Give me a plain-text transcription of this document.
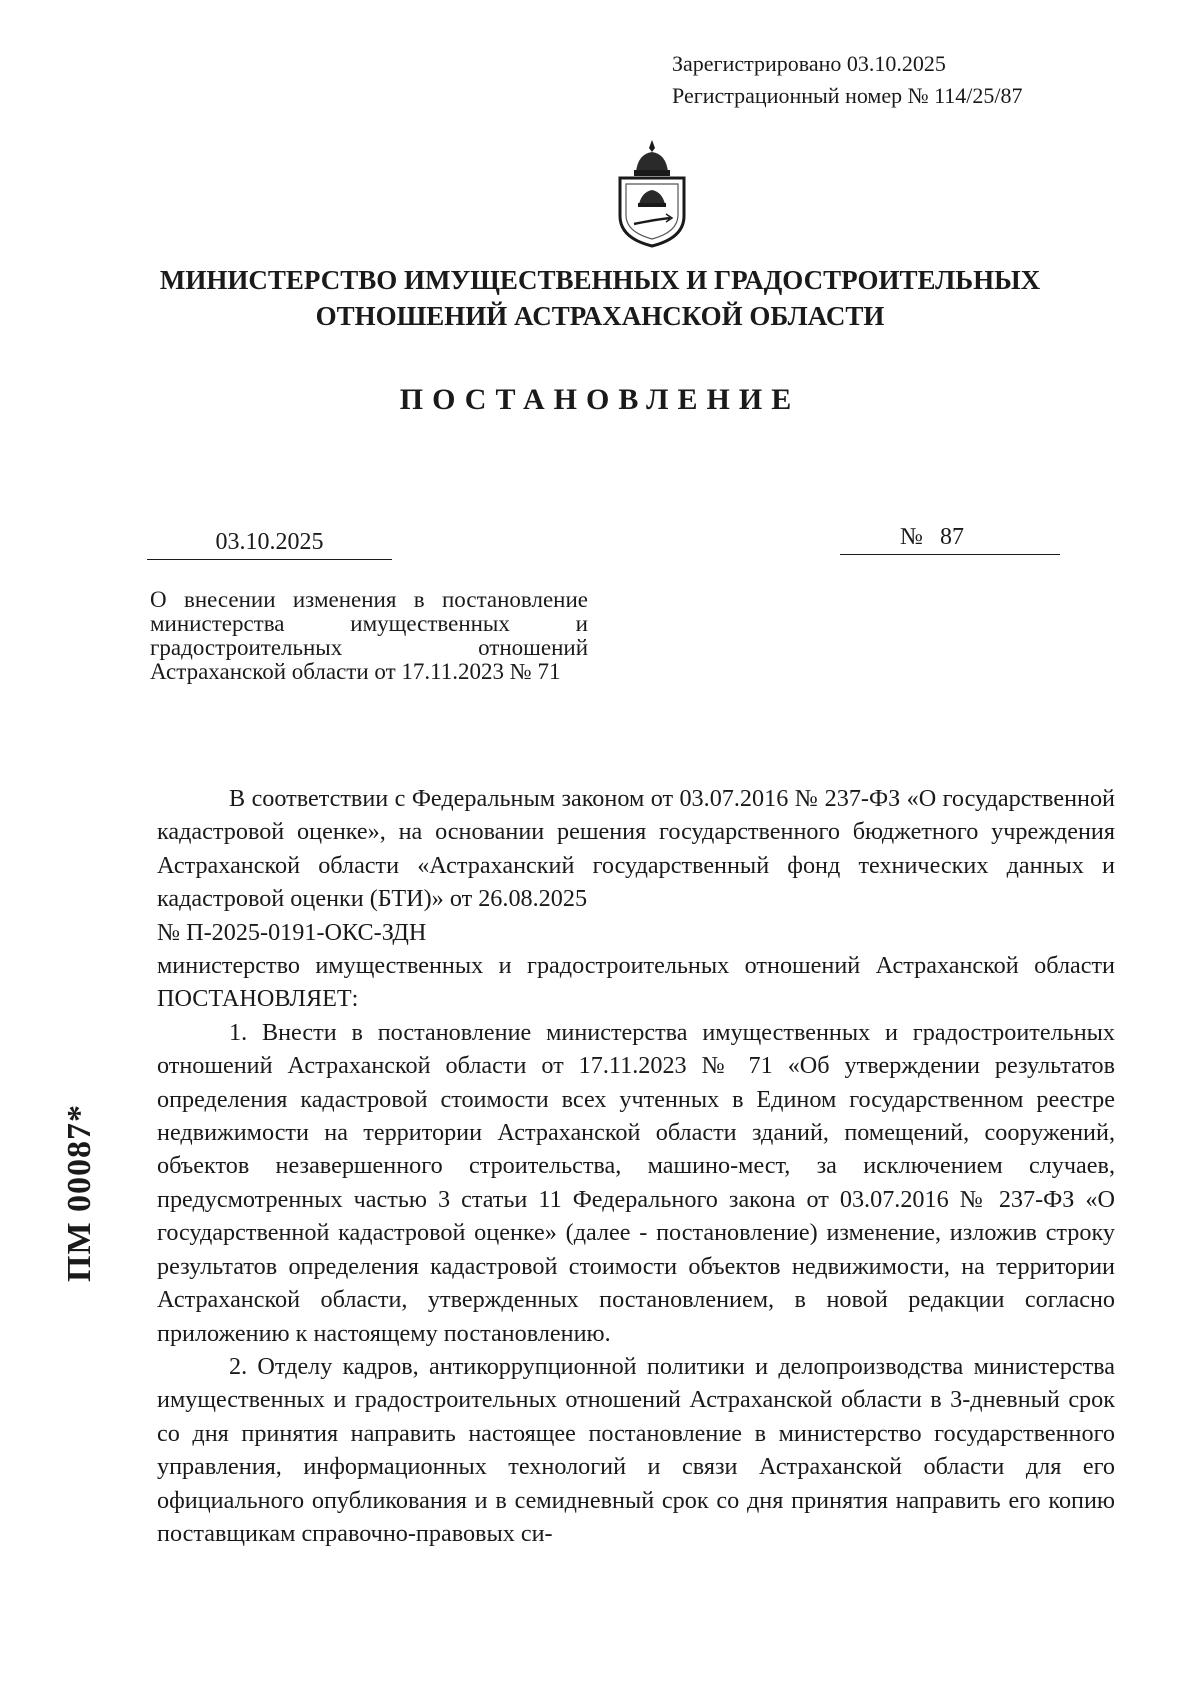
Зарегистрировано 03.10.2025
Регистрационный номер № 114/25/87
МИНИСТЕРСТВО ИМУЩЕСТВЕННЫХ И ГРАДОСТРОИТЕЛЬНЫХ
ОТНОШЕНИЙ АСТРАХАНСКОЙ ОБЛАСТИ
ПОСТАНОВЛЕНИЕ
03.10.2025	№ 87
О внесении изменения в постановление министерства имущественных и градостроительных отношений Астраханской области от 17.11.2023 № 71
В соответствии с Федеральным законом от 03.07.2016 № 237-ФЗ «О государственной кадастровой оценке», на основании решения государственного бюджетного учреждения Астраханской области «Астраханский государственный фонд технических данных и кадастровой оценки (БТИ)» от 26.08.2025
№ П-2025-0191-ОКС-ЗДН
министерство имущественных и градостроительных отношений Астраханской области ПОСТАНОВЛЯЕТ:
1. Внести в постановление министерства имущественных и градостроительных отношений Астраханской области от 17.11.2023 № 71 «Об утверждении результатов определения кадастровой стоимости всех учтенных в Едином государственном реестре недвижимости на территории Астраханской области зданий, помещений, сооружений, объектов незавершенного строительства, машино-мест, за исключением случаев, предусмотренных частью 3 статьи 11 Федерального закона от 03.07.2016 № 237-ФЗ «О государственной кадастровой оценке» (далее - постановление) изменение, изложив строку результатов определения кадастровой стоимости объектов недвижимости, на территории Астраханской области, утвержденных постановлением, в новой редакции согласно приложению к настоящему постановлению.
2. Отделу кадров, антикоррупционной политики и делопроизводства министерства имущественных и градостроительных отношений Астраханской области в 3-дневный срок со дня принятия направить настоящее постановление в министерство государственного управления, информационных технологий и связи Астраханской области для его официального опубликования и в семидневный срок со дня принятия направить его копию поставщикам справочно-правовых си-
ПМ 00087*
